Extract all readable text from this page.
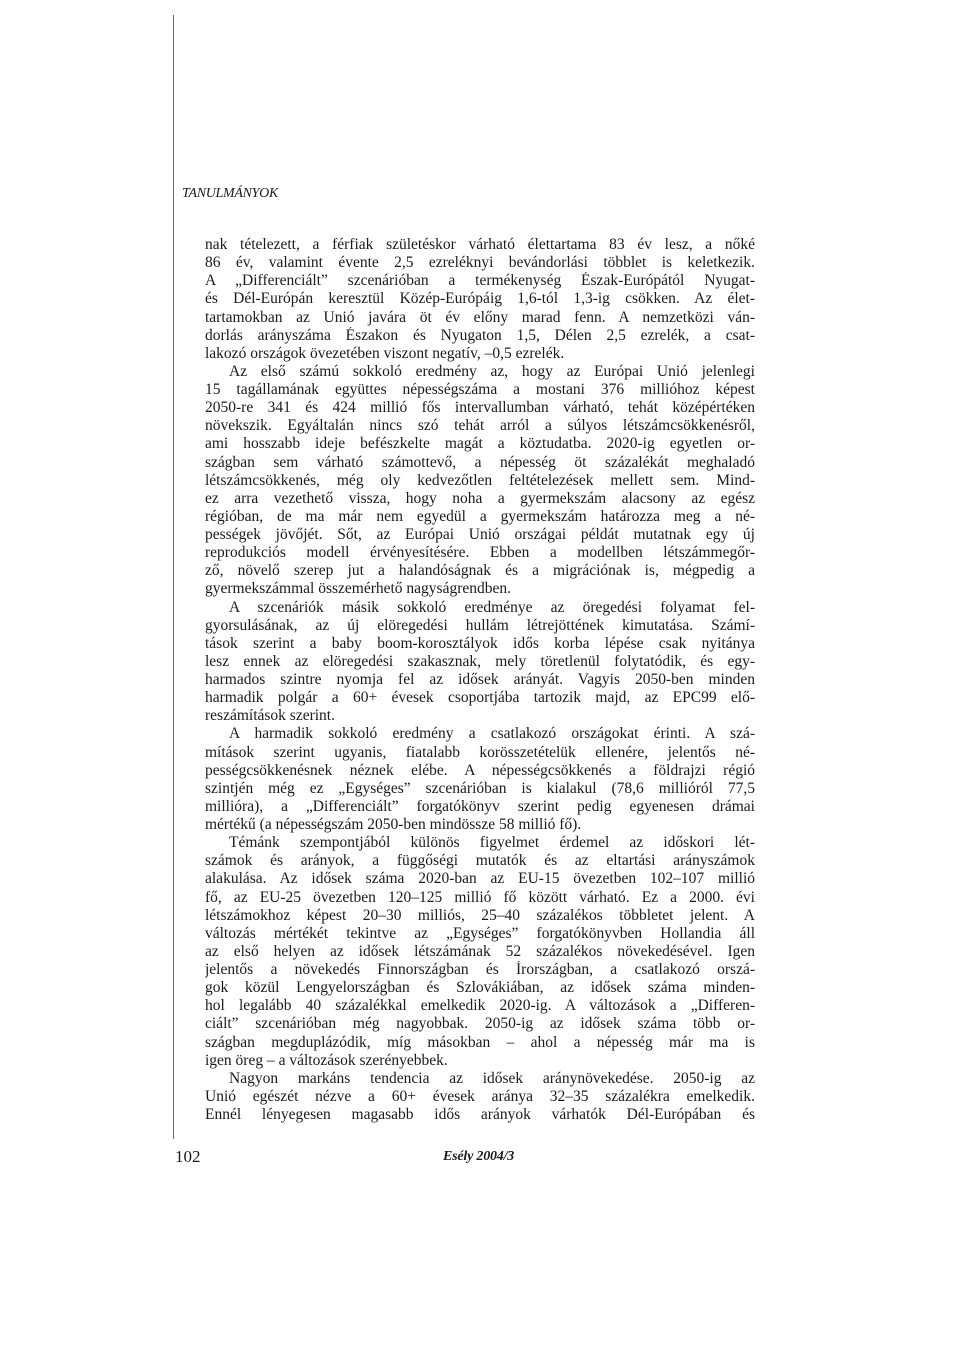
TANULMÁNYOK
nak tételezett, a férfiak születéskor várható élettartama 83 év lesz, a nőké
86 év, valamint évente 2,5 ezreléknyi bevándorlási többlet is keletkezik.
A „Differenciált” szcenárióban a termékenység Észak-Európától Nyugat-
és Dél-Európán keresztül Közép-Európáig 1,6-tól 1,3-ig csökken. Az élet-
tartamokban az Unió javára öt év előny marad fenn. A nemzetközi ván-
dorlás arányszáma Északon és Nyugaton 1,5, Délen 2,5 ezrelék, a csat-
lakozó országok övezetében viszont negatív, –0,5 ezrelék.
Az első számú sokkoló eredmény az, hogy az Európai Unió jelenlegi
15 tagállamának együttes népességszáma a mostani 376 millióhoz képest
2050-re 341 és 424 millió fős intervallumban várható, tehát középértéken
növekszik. Egyáltalán nincs szó tehát arról a súlyos létszámcsökkenésről,
ami hosszabb ideje befészkelte magát a köztudatba. 2020-ig egyetlen or-
szágban sem várható számottevő, a népesség öt százalékát meghaladó
létszámcsökkenés, még oly kedvezőtlen feltételezések mellett sem. Mind-
ez arra vezethető vissza, hogy noha a gyermekszám alacsony az egész
régióban, de ma már nem egyedül a gyermekszám határozza meg a né-
pességek jövőjét. Sőt, az Európai Unió országai példát mutatnak egy új
reprodukciós modell érvényesítésére. Ebben a modellben létszámmegőr-
ző, növelő szerep jut a halandóságnak és a migrációnak is, mégpedig a
gyermekszámmal összemérhető nagyságrendben.
A szcenáriók másik sokkoló eredménye az öregedési folyamat fel-
gyorsulásának, az új elöregedési hullám létrejöttének kimutatása. Számí-
tások szerint a baby boom-korosztályok idős korba lépése csak nyitánya
lesz ennek az elöregedési szakasznak, mely töretlenül folytatódik, és egy-
harmados szintre nyomja fel az idősek arányát. Vagyis 2050-ben minden
harmadik polgár a 60+ évesek csoportjába tartozik majd, az EPC99 elő-
reszámítások szerint.
A harmadik sokkoló eredmény a csatlakozó országokat érinti. A szá-
mítások szerint ugyanis, fiatalabb korösszetételük ellenére, jelentős né-
pességcsökkenésnek néznek elébe. A népességcsökkenés a földrajzi régió
szintjén még ez „Egységes” szcenárióban is kialakul (78,6 millióról 77,5
millióra), a „Differenciált” forgatókönyv szerint pedig egyenesen drámai
mértékű (a népességszám 2050-ben mindössze 58 millió fő).
Témánk szempontjából különös figyelmet érdemel az időskori lét-
számok és arányok, a függőségi mutatók és az eltartási arányszámok
alakulása. Az idősek száma 2020-ban az EU-15 övezetben 102–107 millió
fő, az EU-25 övezetben 120–125 millió fő között várható. Ez a 2000. évi
létszámokhoz képest 20–30 milliós, 25–40 százalékos többletet jelent. A
változás mértékét tekintve az „Egységes” forgatókönyvben Hollandia áll
az első helyen az idősek létszámának 52 százalékos növekedésével. Igen
jelentős a növekedés Finnországban és Írországban, a csatlakozó orszá-
gok közül Lengyelországban és Szlovákiában, az idősek száma minden-
hol legalább 40 százalékkal emelkedik 2020-ig. A változások a „Differen-
ciált” szcenárióban még nagyobbak. 2050-ig az idősek száma több or-
szágban megduplázódik, míg másokban – ahol a népesség már ma is
igen öreg – a változások szerényebbek.
Nagyon markáns tendencia az idősek aránynövekedése. 2050-ig az
Unió egészét nézve a 60+ évesek aránya 32–35 százalékra emelkedik.
Ennél lényegesen magasabb idős arányok várhatók Dél-Európában és
102	Esély 2004/3
